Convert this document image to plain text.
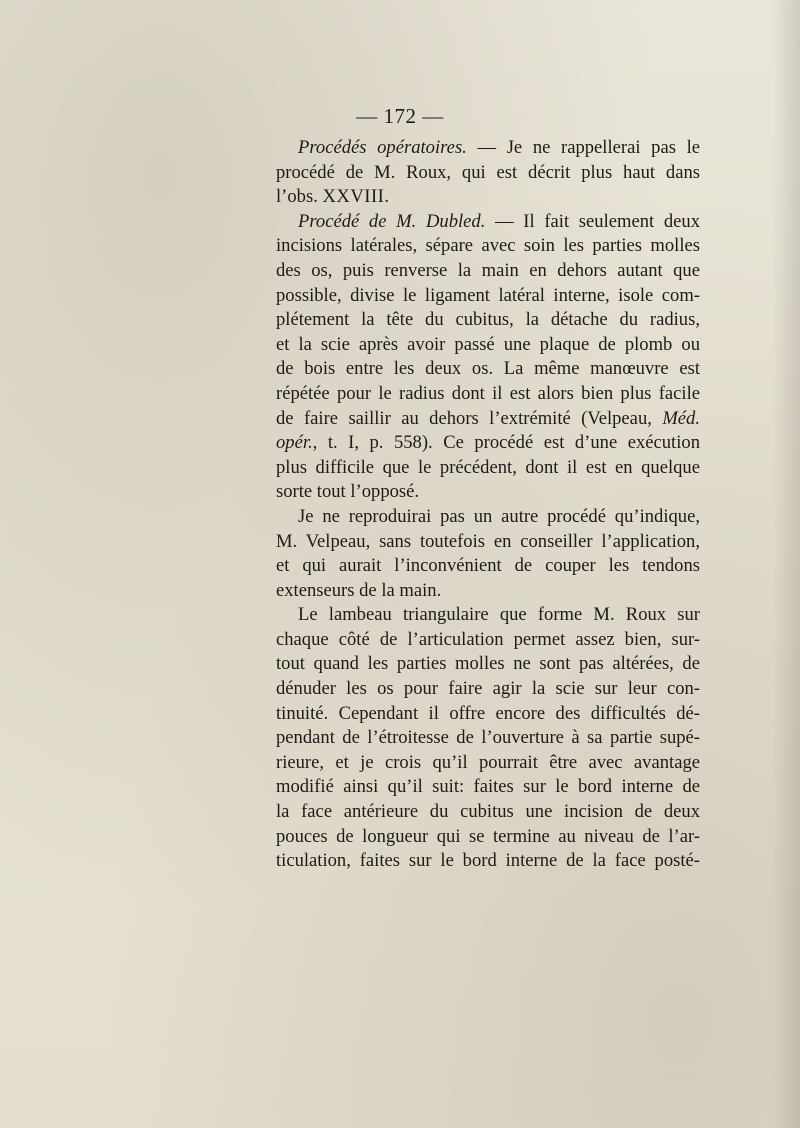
— 172 —
Procédés opératoires. — Je ne rappellerai pas le
procédé de M. Roux, qui est décrit plus haut dans
l’obs. XXVIII.
Procédé de M. Dubled. — Il fait seulement deux
incisions latérales, sépare avec soin les parties molles
des os, puis renverse la main en dehors autant que
possible, divise le ligament latéral interne, isole com-
plétement la tête du cubitus, la détache du radius,
et la scie après avoir passé une plaque de plomb ou
de bois entre les deux os. La même manœuvre est
répétée pour le radius dont il est alors bien plus facile
de faire saillir au dehors l’extrémité (Velpeau, Méd.
opér., t. I, p. 558). Ce procédé est d’une exécution
plus difficile que le précédent, dont il est en quelque
sorte tout l’opposé.
Je ne reproduirai pas un autre procédé qu’indique,
M. Velpeau, sans toutefois en conseiller l’application,
et qui aurait l’inconvénient de couper les tendons
extenseurs de la main.
Le lambeau triangulaire que forme M. Roux sur
chaque côté de l’articulation permet assez bien, sur-
tout quand les parties molles ne sont pas altérées, de
dénuder les os pour faire agir la scie sur leur con-
tinuité. Cependant il offre encore des difficultés dé-
pendant de l’étroitesse de l’ouverture à sa partie supé-
rieure, et je crois qu’il pourrait être avec avantage
modifié ainsi qu’il suit: faites sur le bord interne de
la face antérieure du cubitus une incision de deux
pouces de longueur qui se termine au niveau de l’ar-
ticulation, faites sur le bord interne de la face posté-
